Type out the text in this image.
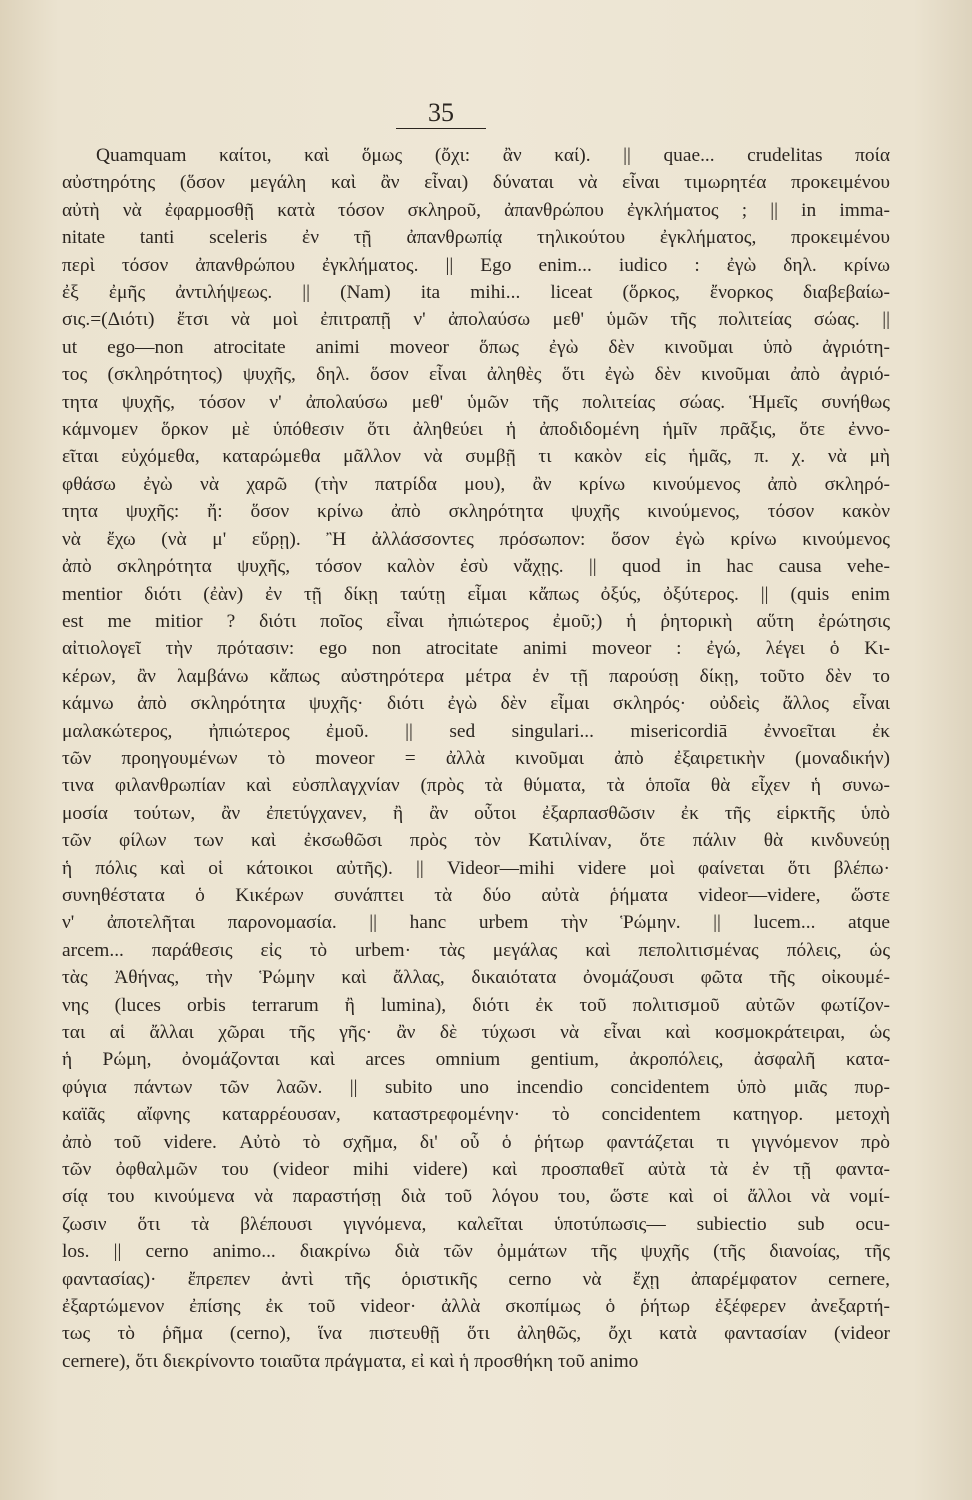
35
Quamquam καίτοι, καὶ ὅμως (ὄχι: ἂν καί). || quae... crudelitas ποία
αὐστηρότης (ὅσον μεγάλη καὶ ἂν εἶναι) δύναται νὰ εἶναι τιμωρητέα προκειμένου
αὐτὴ νὰ ἐφαρμοσθῇ κατὰ τόσον σκληροῦ, ἀπανθρώπου ἐγκλήματος ; || in imma-
nitate tanti sceleris ἐν τῇ ἀπανθρωπίᾳ τηλικούτου ἐγκλήματος, προκειμένου
περὶ τόσον ἀπανθρώπου ἐγκλήματος. || Ego enim... iudico : ἐγὼ δηλ. κρίνω
ἐξ ἐμῆς ἀντιλήψεως. || (Nam) ita mihi... liceat (ὅρκος, ἔνορκος διαβεβαίω-
σις.=(Διότι) ἔτσι νὰ μοὶ ἐπιτραπῇ ν' ἀπολαύσω μεθ' ὑμῶν τῆς πολιτείας σώας. ||
ut ego—non atrocitate animi moveor ὅπως ἐγὼ δὲν κινοῦμαι ὑπὸ ἀγριότη-
τος (σκληρότητος) ψυχῆς, δηλ. ὅσον εἶναι ἀληθὲς ὅτι ἐγὼ δὲν κινοῦμαι ἀπὸ ἀγριό-
τητα ψυχῆς, τόσον ν' ἀπολαύσω μεθ' ὑμῶν τῆς πολιτείας σώας. Ἡμεῖς συνήθως
κάμνομεν ὅρκον μὲ ὑπόθεσιν ὅτι ἀληθεύει ἡ ἀποδιδομένη ἡμῖν πρᾶξις, ὅτε ἐννο-
εῖται εὐχόμεθα, καταρώμεθα μᾶλλον νὰ συμβῇ τι κακὸν εἰς ἡμᾶς, π. χ. νὰ μὴ
φθάσω ἐγὼ νὰ χαρῶ (τὴν πατρίδα μου), ἂν κρίνω κινούμενος ἀπὸ σκληρό-
τητα ψυχῆς: ἤ: ὅσον κρίνω ἀπὸ σκληρότητα ψυχῆς κινούμενος, τόσον κακὸν
νὰ ἔχω (νὰ μ' εὕρῃ). Ἢ ἀλλάσσοντες πρόσωπον: ὅσον ἐγὼ κρίνω κινούμενος
ἀπὸ σκληρότητα ψυχῆς, τόσον καλὸν ἐσὺ νἄχῃς. || quod in hac causa vehe-
mentior διότι (ἐὰν) ἐν τῇ δίκῃ ταύτῃ εἶμαι κἄπως ὀξύς, ὀξύτερος. || (quis enim
est me mitior ? διότι ποῖος εἶναι ἠπιώτερος ἐμοῦ;) ἡ ῥητορικὴ αὕτη ἐρώτησις
αἰτιολογεῖ τὴν πρότασιν: ego non atrocitate animi moveor : ἐγώ, λέγει ὁ Κι-
κέρων, ἂν λαμβάνω κἄπως αὐστηρότερα μέτρα ἐν τῇ παρούσῃ δίκῃ, τοῦτο δὲν το
κάμνω ἀπὸ σκληρότητα ψυχῆς· διότι ἐγὼ δὲν εἶμαι σκληρός· οὐδεὶς ἄλλος εἶναι
μαλακώτερος, ἠπιώτερος ἐμοῦ. || sed singulari... misericordiā ἐννοεῖται ἐκ
τῶν προηγουμένων τὸ moveor = ἀλλὰ κινοῦμαι ἀπὸ ἐξαιρετικὴν (μοναδικήν)
τινα φιλανθρωπίαν καὶ εὐσπλαγχνίαν (πρὸς τὰ θύματα, τὰ ὁποῖα θὰ εἶχεν ἡ συνω-
μοσία τούτων, ἂν ἐπετύγχανεν, ἢ ἂν οὗτοι ἐξαρπασθῶσιν ἐκ τῆς εἱρκτῆς ὑπὸ
τῶν φίλων των καὶ ἐκσωθῶσι πρὸς τὸν Κατιλίναν, ὅτε πάλιν θὰ κινδυνεύῃ
ἡ πόλις καὶ οἱ κάτοικοι αὐτῆς). || Videor—mihi videre μοὶ φαίνεται ὅτι βλέπω·
συνηθέστατα ὁ Κικέρων συνάπτει τὰ δύο αὐτὰ ῥήματα videor—videre, ὥστε
ν' ἀποτελῆται παρονομασία. || hanc urbem τὴν Ῥώμην. || lucem... atque
arcem... παράθεσις εἰς τὸ urbem· τὰς μεγάλας καὶ πεπολιτισμένας πόλεις, ὡς
τὰς Ἀθήνας, τὴν Ῥώμην καὶ ἄλλας, δικαιότατα ὀνομάζουσι φῶτα τῆς οἰκουμέ-
νης (luces orbis terrarum ἢ lumina), διότι ἐκ τοῦ πολιτισμοῦ αὐτῶν φωτίζον-
ται αἱ ἄλλαι χῶραι τῆς γῆς· ἂν δὲ τύχωσι νὰ εἶναι καὶ κοσμοκράτειραι, ὡς
ἡ Ρώμη, ὀνομάζονται καὶ arces omnium gentium, ἀκροπόλεις, ἀσφαλῆ κατα-
φύγια πάντων τῶν λαῶν. || subito uno incendio concidentem ὑπὸ μιᾶς πυρ-
καϊᾶς αἴφνης καταρρέουσαν, καταστρεφομένην· τὸ concidentem κατηγορ. μετοχὴ
ἀπὸ τοῦ videre. Αὐτὸ τὸ σχῆμα, δι' οὗ ὁ ῥήτωρ φαντάζεται τι γιγνόμενον πρὸ
τῶν ὀφθαλμῶν του (videor mihi videre) καὶ προσπαθεῖ αὐτὰ τὰ ἐν τῇ φαντα-
σίᾳ του κινούμενα νὰ παραστήσῃ διὰ τοῦ λόγου του, ὥστε καὶ οἱ ἄλλοι νὰ νομί-
ζωσιν ὅτι τὰ βλέπουσι γιγνόμενα, καλεῖται ὑποτύπωσις— subiectio sub ocu-
los. || cerno animo... διακρίνω διὰ τῶν ὀμμάτων τῆς ψυχῆς (τῆς διανοίας, τῆς
φαντασίας)· ἔπρεπεν ἀντὶ τῆς ὁριστικῆς cerno νὰ ἔχῃ ἀπαρέμφατον cernere,
ἐξαρτώμενον ἐπίσης ἐκ τοῦ videor· ἀλλὰ σκοπίμως ὁ ῥήτωρ ἐξέφερεν ἀνεξαρτή-
τως τὸ ῥῆμα (cerno), ἵνα πιστευθῇ ὅτι ἀληθῶς, ὄχι κατὰ φαντασίαν (videor
cernere), ὅτι διεκρίνοντο τοιαῦτα πράγματα, εἰ καὶ ἡ προσθήκη τοῦ animo
